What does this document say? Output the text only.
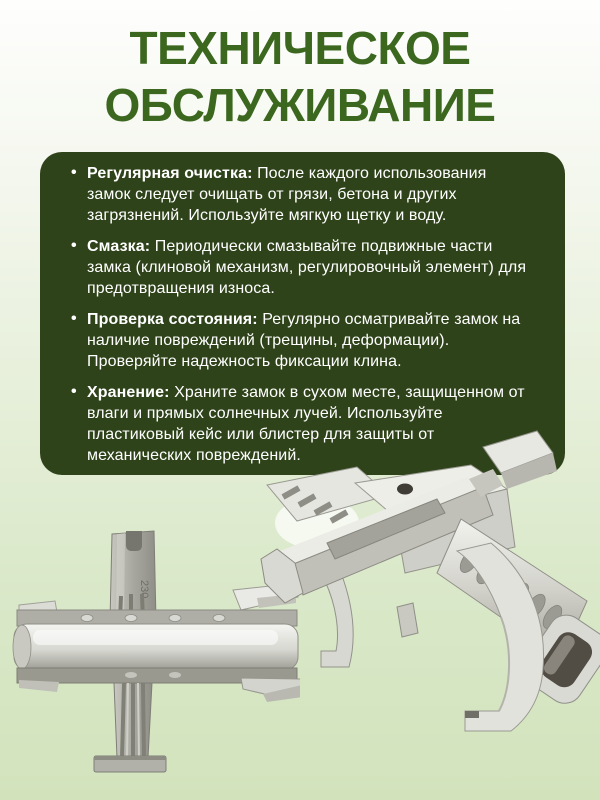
ТЕХНИЧЕСКОЕ
ОБСЛУЖИВАНИЕ
• Регулярная очистка: После каждого использования замок следует очищать от грязи, бетона и других загрязнений. Используйте мягкую щетку и воду.
• Смазка: Периодически смазывайте подвижные части замка (клиновой механизм, регулировочный элемент) для предотвращения износа.
• Проверка состояния: Регулярно осматривайте замок на наличие повреждений (трещины, деформации). Проверяйте надежность фиксации клина.
• Хранение: Храните замок в сухом месте, защищенном от влаги и прямых солнечных лучей. Используйте пластиковый кейс или блистер для защиты от механических повреждений.
230
